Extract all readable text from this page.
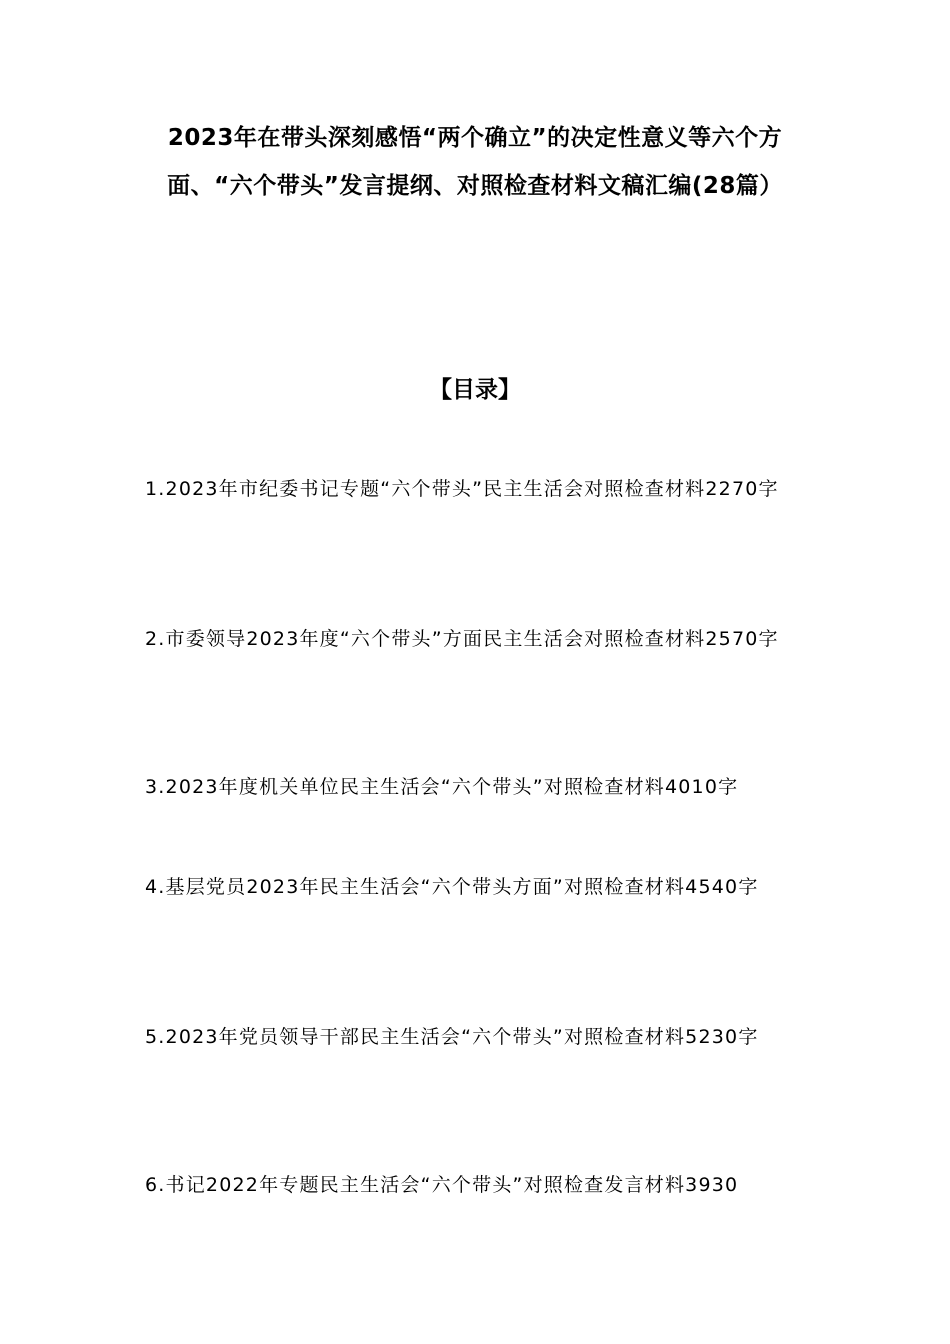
2023年在带头深刻感悟“两个确立”的决定性意义等六个方面、“六个带头”发言提纲、对照检查材料文稿汇编(28篇）
【目录】
1.2023年市纪委书记专题“六个带头”民主生活会对照检查材料2270字
2.市委领导2023年度“六个带头”方面民主生活会对照检查材料2570字
3.2023年度机关单位民主生活会“六个带头”对照检查材料4010字
4.基层党员2023年民主生活会“六个带头方面”对照检查材料4540字
5.2023年党员领导干部民主生活会“六个带头”对照检查材料5230字
6.书记2022年专题民主生活会“六个带头”对照检查发言材料3930
